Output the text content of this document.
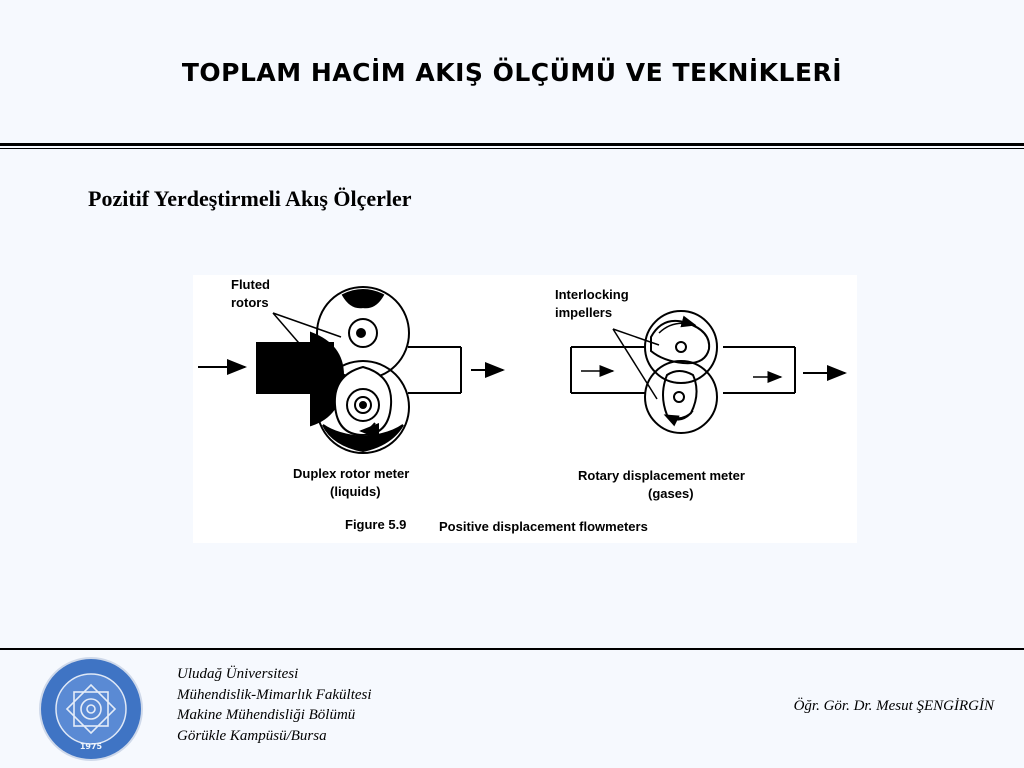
TOPLAM HACİM AKIŞ ÖLÇÜMÜ VE TEKNİKLERİ
Pozitif Yerdeştirmeli Akış Ölçerler
Fluted
rotors
Interlocking
impellers
Duplex rotor meter
(liquids)
Rotary displacement meter
(gases)
Figure 5.9	Positive displacement flowmeters
1975
Uludağ Üniversitesi
Mühendislik-Mimarlık Fakültesi
Makine Mühendisliği Bölümü
Görükle Kampüsü/Bursa
Öğr. Gör. Dr. Mesut ŞENGİRGİN
